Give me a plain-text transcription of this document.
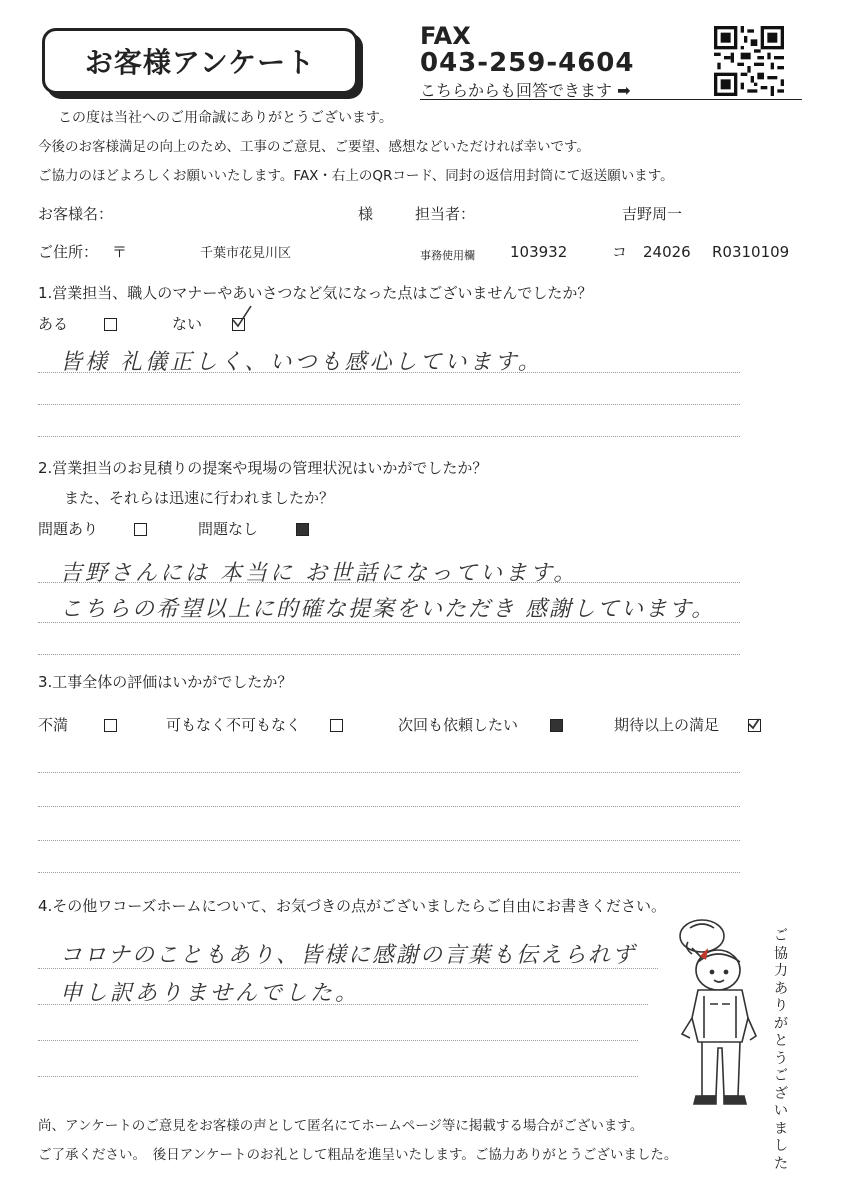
お客様アンケート
FAX
043-259-4604
こちらからも回答できます ➡
この度は当社へのご用命誠にありがとうございます。
今後のお客様満足の向上のため、工事のご意見、ご要望、感想などいただければ幸いです。
ご協力のほどよろしくお願いいたします。FAX・右上のQRコード、同封の返信用封筒にて返送願います。
お客様名：	様	担当者：	吉野周一
ご住所： 〒	千葉市花見川区	事務使用欄 103932	コ 24026 R0310109
1.営業担当、職人のマナーやあいさつなど気になった点はございませんでしたか？
ある	ない
皆様 礼儀正しく、いつも感心しています。
2.営業担当のお見積りの提案や現場の管理状況はいかがでしたか？
また、それらは迅速に行われましたか？
問題あり	問題なし
吉野さんには 本当に お世話になっています。
こちらの希望以上に的確な提案をいただき 感謝しています。
3.工事全体の評価はいかがでしたか？
不満	可もなく不可もなく	次回も依頼したい	期待以上の満足
4.その他ワコーズホームについて、お気づきの点がございましたらご自由にお書きください。
コロナのこともあり、皆様に感謝の言葉も伝えられず
申し訳ありませんでした。
ご協力ありがとうございました
尚、アンケートのご意見をお客様の声として匿名にてホームページ等に掲載する場合がございます。
ご了承ください。　後日アンケートのお礼として粗品を進呈いたします。ご協力ありがとうございました。
